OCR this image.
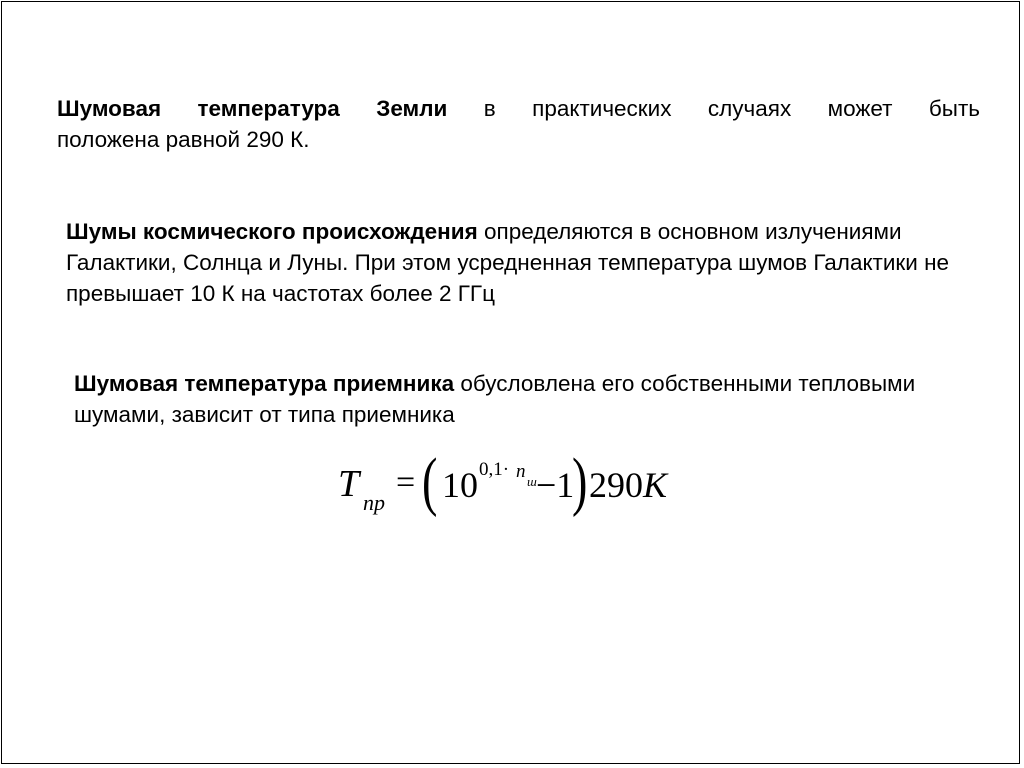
Шумовая температура Земли в практических случаях может быть
положена равной 290 К.

Шумы космического происхождения определяются в основном излучениями Галактики, Солнца и Луны. При этом усредненная температура шумов Галактики не превышает 10 К на частотах более 2 ГГц

Шумовая температура приемника обусловлена его собственными тепловыми шумами, зависит от типа приемника

T пр
= ( 10 0,1· n ш −1
) 290К
